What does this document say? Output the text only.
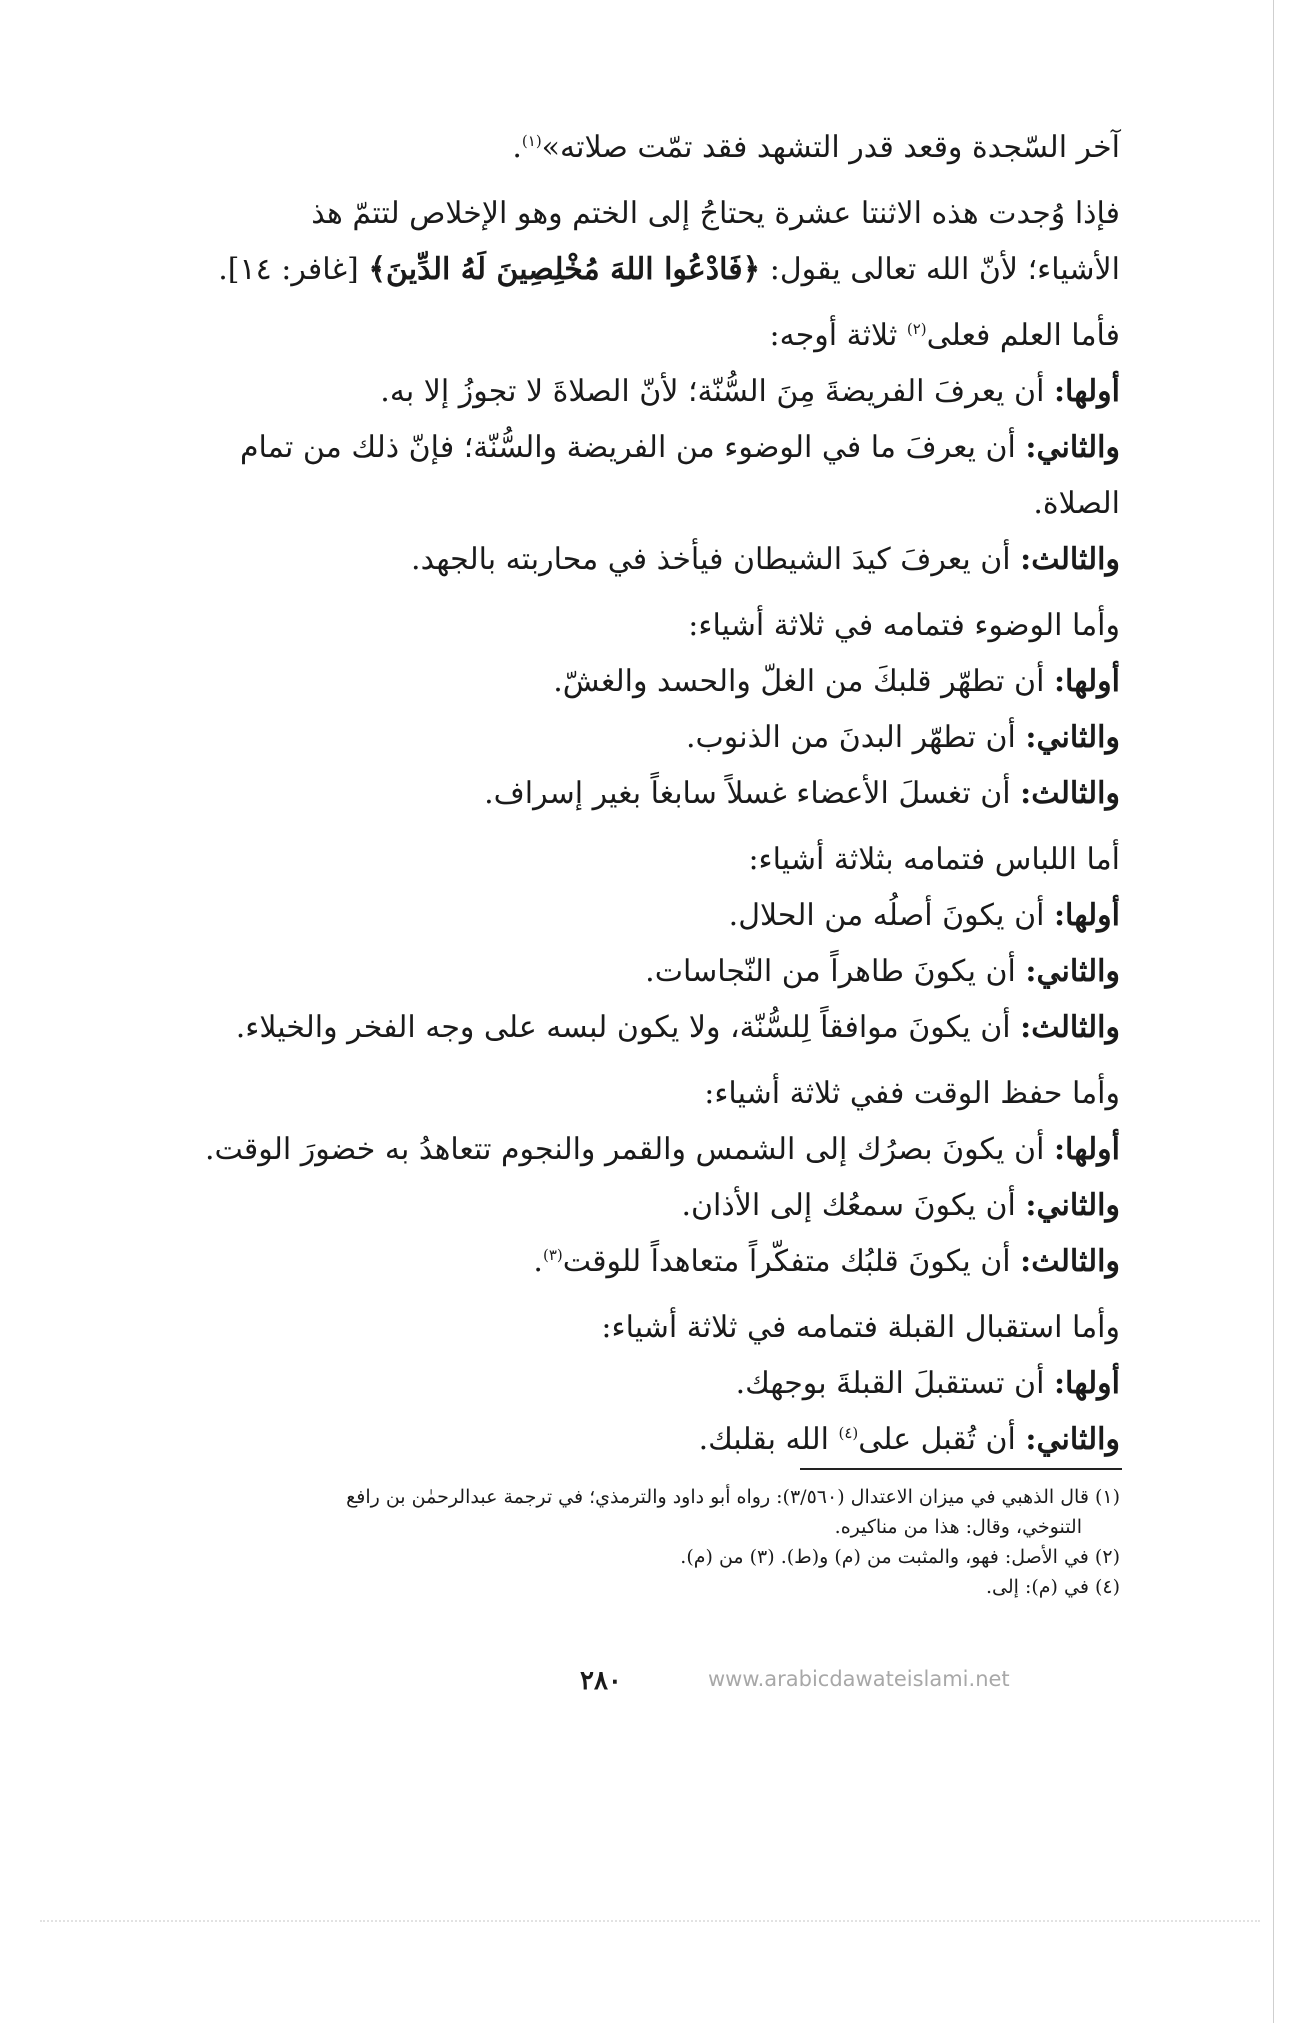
آخر السّجدة وقعد قدر التشهد فقد تمّت صلاته»$^{(١)}$.
فإذا وُجدت هذه الاثنتا عشرة يحتاجُ إلى الختم وهو الإخلاص لتتمّ هذ
الأشياء؛ لأنّ الله تعالى يقول: ﴿فَادْعُوا اللهَ مُخْلِصِينَ لَهُ الدِّينَ﴾ [غافر: ١٤].
فأما العلم فعلى$^{(٢)}$ ثلاثة أوجه:
أولها: أن يعرفَ الفريضةَ مِنَ السُّنّة؛ لأنّ الصلاةَ لا تجوزُ إلا به.
والثاني: أن يعرفَ ما في الوضوء من الفريضة والسُّنّة؛ فإنّ ذلك من تمام
الصلاة.
والثالث: أن يعرفَ كيدَ الشيطان فيأخذ في محاربته بالجهد.
وأما الوضوء فتمامه في ثلاثة أشياء:
أولها: أن تطهّر قلبكَ من الغلّ والحسد والغشّ.
والثاني: أن تطهّر البدنَ من الذنوب.
والثالث: أن تغسلَ الأعضاء غسلاً سابغاً بغير إسراف.
أما اللباس فتمامه بثلاثة أشياء:
أولها: أن يكونَ أصلُه من الحلال.
والثاني: أن يكونَ طاهراً من النّجاسات.
والثالث: أن يكونَ موافقاً لِلسُّنّة، ولا يكون لبسه على وجه الفخر والخيلاء.
وأما حفظ الوقت ففي ثلاثة أشياء:
أولها: أن يكونَ بصرُك إلى الشمس والقمر والنجوم تتعاهدُ به خضورَ الوقت.
والثاني: أن يكونَ سمعُك إلى الأذان.
والثالث: أن يكونَ قلبُك متفكّراً متعاهداً للوقت$^{(٣)}$.
وأما استقبال القبلة فتمامه في ثلاثة أشياء:
أولها: أن تستقبلَ القبلةَ بوجهك.
والثاني: أن تُقبل على$^{(٤)}$ الله بقلبك.
(١) قال الذهبي في ميزان الاعتدال (٣/٥٦٠): رواه أبو داود والترمذي؛ في ترجمة عبدالرحمٰن بن رافع
التنوخي، وقال: هذا من مناكيره.
(٢) في الأصل: فهو، والمثبت من (م) و(ط). (٣) من (م).
(٤) في (م): إلى.
٢٨٠	www.arabicdawateislami.net
